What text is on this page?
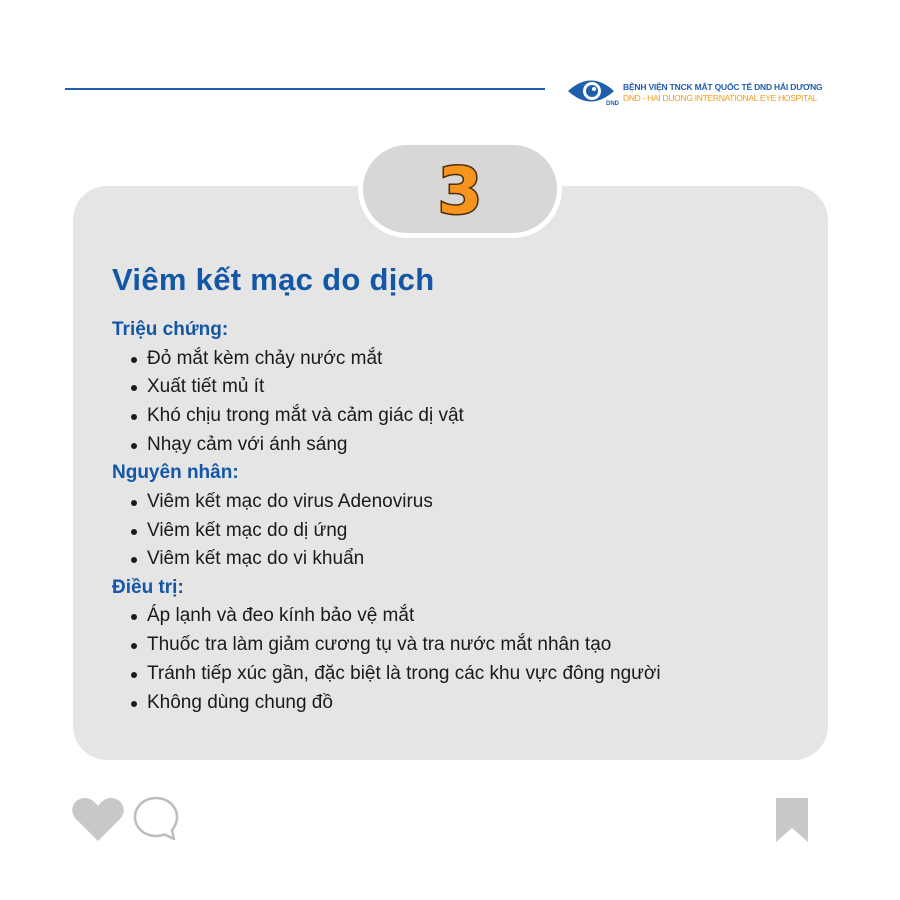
DND
BỆNH VIỆN TNCK MẮT QUỐC TẾ DND HẢI DƯƠNG
DND - HAI DUONG INTERNATIONAL EYE HOSPITAL
3
Viêm kết mạc do dịch

Triệu chứng:

Đỏ mắt kèm chảy nước mắt
Xuất tiết mủ ít
Khó chịu trong mắt và cảm giác dị vật
Nhạy cảm với ánh sáng

Nguyên nhân:

Viêm kết mạc do virus Adenovirus
Viêm kết mạc do dị ứng
Viêm kết mạc do vi khuẩn

Điều trị:

Áp lạnh và đeo kính bảo vệ mắt
Thuốc tra làm giảm cương tụ và tra nước mắt nhân tạo
Tránh tiếp xúc gần, đặc biệt là trong các khu vực đông người
Không dùng chung đồ
